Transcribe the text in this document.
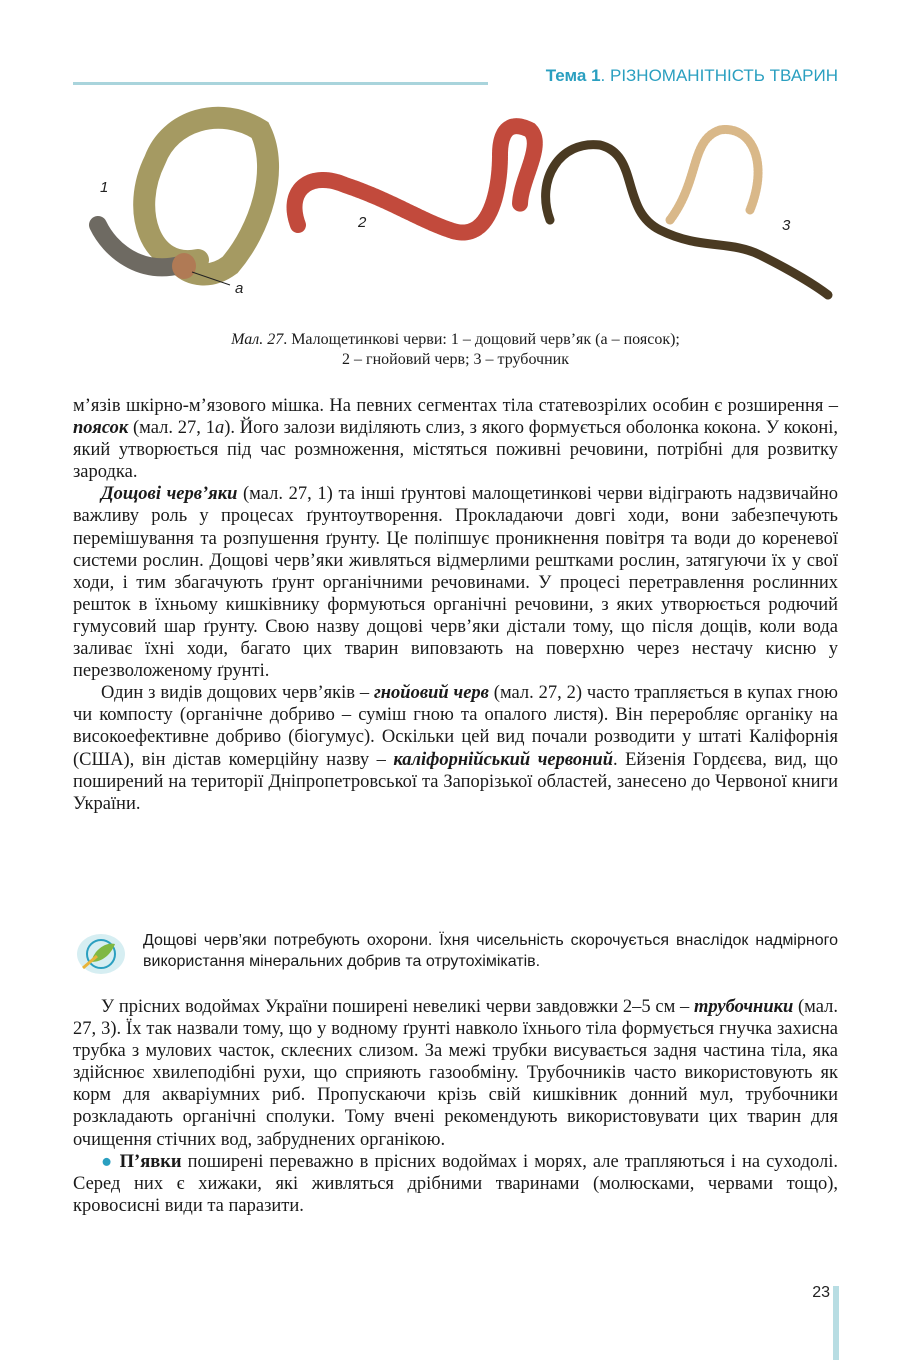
Тема 1. РІЗНОМАНІТНІСТЬ ТВАРИН
1
2	3
а
Мал. 27. Малощетинкові черви: 1 – дощовий черв’як (а – поясок);
2 – гнойовий черв; 3 – трубочник

м’язів шкірно-м’язового мішка. На певних сегментах тіла статевозрілих особин є розширення – поясок (мал. 27, 1а). Його залози виділяють слиз, з якого формується оболонка кокона. У коконі, який утворюється під час розмноження, містяться поживні речовини, потрібні для розвитку зародка.

Дощові черв’яки (мал. 27, 1) та інші ґрунтові малощетинкові черви відіграють надзвичайно важливу роль у процесах ґрунтоутворення. Прокладаючи довгі ходи, вони забезпечують перемішування та розпушення ґрунту. Це поліпшує проникнення повітря та води до кореневої системи рослин. Дощові черв’яки живляться відмерлими рештками рослин, затягуючи їх у свої ходи, і тим збагачують ґрунт органічними речовинами. У процесі перетравлення рослинних решток в їхньому кишківнику формуються органічні речовини, з яких утворюється родючий гумусовий шар ґрунту. Свою назву дощові черв’яки дістали тому, що після дощів, коли вода заливає їхні ходи, багато цих тварин виповзають на поверхню через нестачу кисню у перезволоженому ґрунті.

Один з видів дощових черв’яків – гнойовий черв (мал. 27, 2) часто трапляється в купах гною чи компосту (органічне добриво – суміш гною та опалого листя). Він переробляє органіку на високоефективне добриво (біогумус). Оскільки цей вид почали розводити у штаті Каліфорнія (США), він дістав комерційну назву – каліфорнійський червоний. Ейзенія Гордєєва, вид, що поширений на території Дніпропетровської та Запорізької областей, занесено до Червоної книги України.

Дощові черв’яки потребують охорони. Їхня чисельність скорочується внаслідок надмірного використання мінеральних добрив та отрутохімікатів.

У прісних водоймах України поширені невеликі черви завдовжки 2–5 см – трубочники (мал. 27, 3). Їх так назвали тому, що у водному ґрунті навколо їхнього тіла формується гнучка захисна трубка з мулових часток, склеєних слизом. За межі трубки висувається задня частина тіла, яка здійснює хвилеподібні рухи, що сприяють газообміну. Трубочників часто використовують як корм для акваріумних риб. Пропускаючи крізь свій кишківник донний мул, трубочники розкладають органічні сполуки. Тому вчені рекомендують використовувати цих тварин для очищення стічних вод, забруднених органікою.

● П’явки поширені переважно в прісних водоймах і морях, але трапляються і на суходолі. Серед них є хижаки, які живляться дрібними тваринами (молюсками, червами тощо), кровосисні види та паразити.

23
